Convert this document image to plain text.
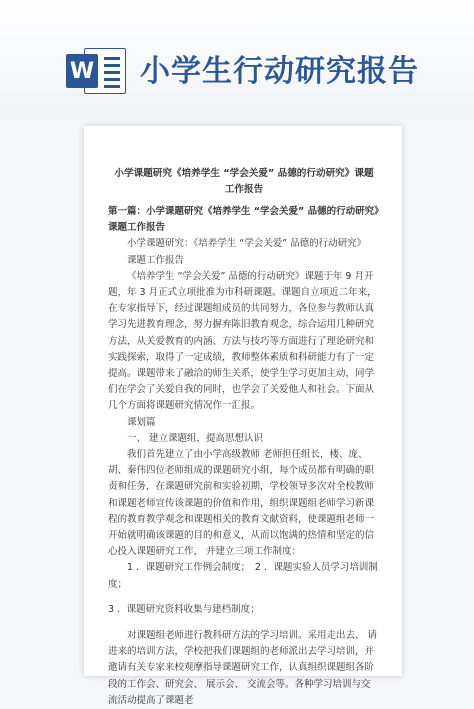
W 小学生行动研究报告
小学课题研究《培养学生 “学会关爱” 品德的行动研究》课题
工作报告

第一篇：小学课题研究《培养学生 “学会关爱” 品德的行动研究》课题工作报告

小学课题研究：《培养学生 “学会关爱” 品德的行动研究》

课题工作报告

《培养学生 “学会关爱” 品德的行动研究》课题于年 9 月开题，年 3 月正式立项批准为市科研课题。课题自立项近二年来，在专家指导下，经过课题组成员的共同努力，各位参与教师认真学习先进教育理念，努力摒弃陈旧教育观念，综合运用几种研究方法，从关爱教育的内涵、方法与技巧等方面进行了理论研究和实践探索，取得了一定成绩，教师整体素质和科研能力有了一定提高。课题带来了融洽的师生关系，使学生学习更加主动，同学们在学会了关爱自我的同时，也学会了关爱他人和社会。下面从几个方面将课题研究情况作一汇报。

课划篇

一、 建立课题组，提高思想认识

我们首先建立了由小学高级教师 老师担任组长，楼、庞、胡、秦伟四位老师组成的课题研究小组，每个成员都有明确的职责和任务，在课题研究前和实验初期，学校领导多次对全校教师和课题老师宣传该课题的价值和作用，组织课题组老师学习新课程的教育教学观念和课题相关的教育文献资料，使课题组老师一开始就明确该课题的目的和意义，从而以饱满的热情和坚定的信心投入课题研究工作， 并建立三项工作制度：

1 ．课题研究工作例会制度；　2 ．课题实验人员学习培训制度；

3 ．课题研究资料收集与建档制度；

对课题组老师进行教科研方法的学习培训。采用走出去、 请进来的培训方法，学校把我们课题组的老师派出去学习培训，并邀请有关专家来校观摩指导课题研究工作，认真组织课题组各阶段的工作会、研究会、 展示会、 交流会等。各种学习培训与交流活动提高了课题老
